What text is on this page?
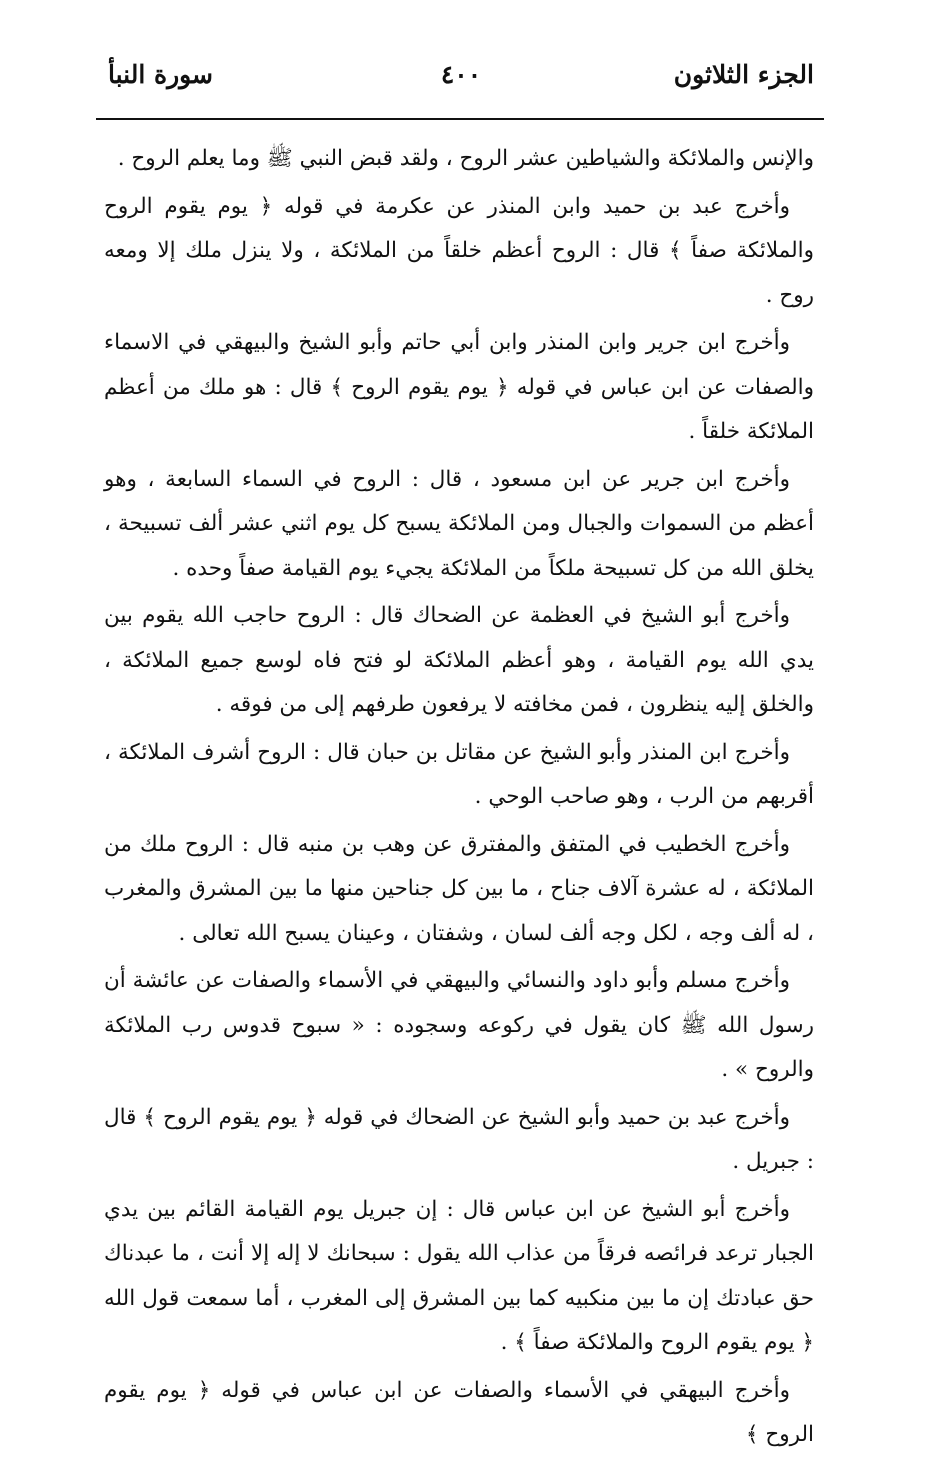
الجزء الثلاثون
٤٠٠
سورة النبأ

والإنس والملائكة والشياطين عشر الروح ، ولقد قبض النبي ﷺ وما يعلم الروح .

وأخرج عبد بن حميد وابن المنذر عن عكرمة في قوله ﴿ يوم يقوم الروح والملائكة صفاً ﴾ قال : الروح أعظم خلقاً من الملائكة ، ولا ينزل ملك إلا ومعه روح .

وأخرج ابن جرير وابن المنذر وابن أبي حاتم وأبو الشيخ والبيهقي في الاسماء والصفات عن ابن عباس في قوله ﴿ يوم يقوم الروح ﴾ قال : هو ملك من أعظم الملائكة خلقاً .

وأخرج ابن جرير عن ابن مسعود ، قال : الروح في السماء السابعة ، وهو أعظم من السموات والجبال ومن الملائكة يسبح كل يوم اثني عشر ألف تسبيحة ، يخلق الله من كل تسبيحة ملكاً من الملائكة يجيء يوم القيامة صفاً وحده .

وأخرج أبو الشيخ في العظمة عن الضحاك قال : الروح حاجب الله يقوم بين يدي الله يوم القيامة ، وهو أعظم الملائكة لو فتح فاه لوسع جميع الملائكة ، والخلق إليه ينظرون ، فمن مخافته لا يرفعون طرفهم إلى من فوقه .

وأخرج ابن المنذر وأبو الشيخ عن مقاتل بن حبان قال : الروح أشرف الملائكة ، أقربهم من الرب ، وهو صاحب الوحي .

وأخرج الخطيب في المتفق والمفترق عن وهب بن منبه قال : الروح ملك من الملائكة ، له عشرة آلاف جناح ، ما بين كل جناحين منها ما بين المشرق والمغرب ، له ألف وجه ، لكل وجه ألف لسان ، وشفتان ، وعينان يسبح الله تعالى .

وأخرج مسلم وأبو داود والنسائي والبيهقي في الأسماء والصفات عن عائشة أن رسول الله ﷺ كان يقول في ركوعه وسجوده : « سبوح قدوس رب الملائكة والروح » .

وأخرج عبد بن حميد وأبو الشيخ عن الضحاك في قوله ﴿ يوم يقوم الروح ﴾ قال : جبريل .

وأخرج أبو الشيخ عن ابن عباس قال : إن جبريل يوم القيامة القائم بين يدي الجبار ترعد فرائصه فرقاً من عذاب الله يقول : سبحانك لا إله إلا أنت ، ما عبدناك حق عبادتك إن ما بين منكبيه كما بين المشرق إلى المغرب ، أما سمعت قول الله ﴿ يوم يقوم الروح والملائكة صفاً ﴾ .

وأخرج البيهقي في الأسماء والصفات عن ابن عباس في قوله ﴿ يوم يقوم الروح ﴾
